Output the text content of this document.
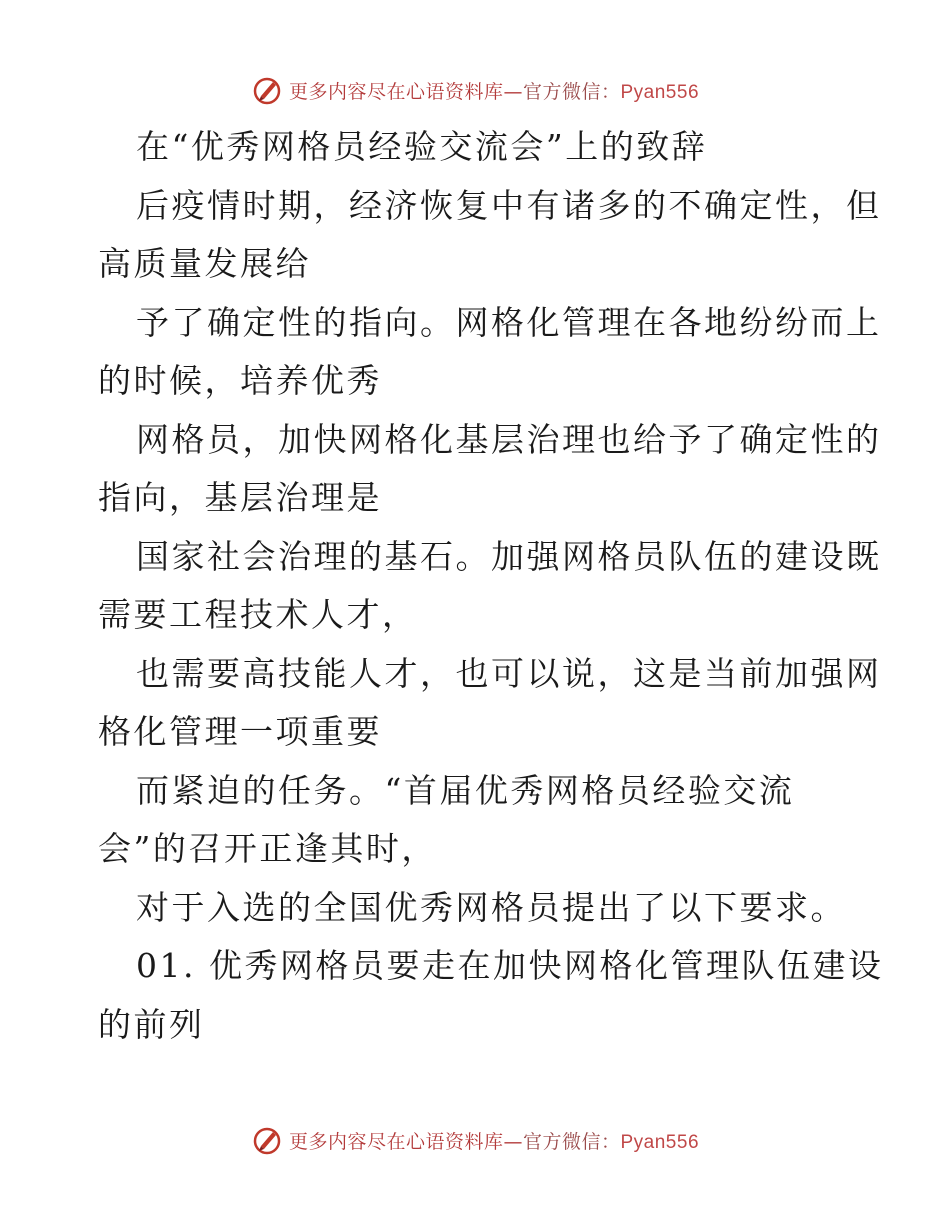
更多内容尽在心语资料库—官方微信：Pyan556
在“优秀网格员经验交流会”上的致辞
后疫情时期，经济恢复中有诸多的不确定性，但
高质量发展给
予了确定性的指向。网格化管理在各地纷纷而上
的时候，培养优秀
网格员，加快网格化基层治理也给予了确定性的
指向，基层治理是
国家社会治理的基石。加强网格员队伍的建设既
需要工程技术人才，
也需要高技能人才，也可以说，这是当前加强网
格化管理一项重要
而紧迫的任务。“首届优秀网格员经验交流
会”的召开正逢其时，
对于入选的全国优秀网格员提出了以下要求。
01. 优秀网格员要走在加快网格化管理队伍建设
的前列
更多内容尽在心语资料库—官方微信：Pyan556
